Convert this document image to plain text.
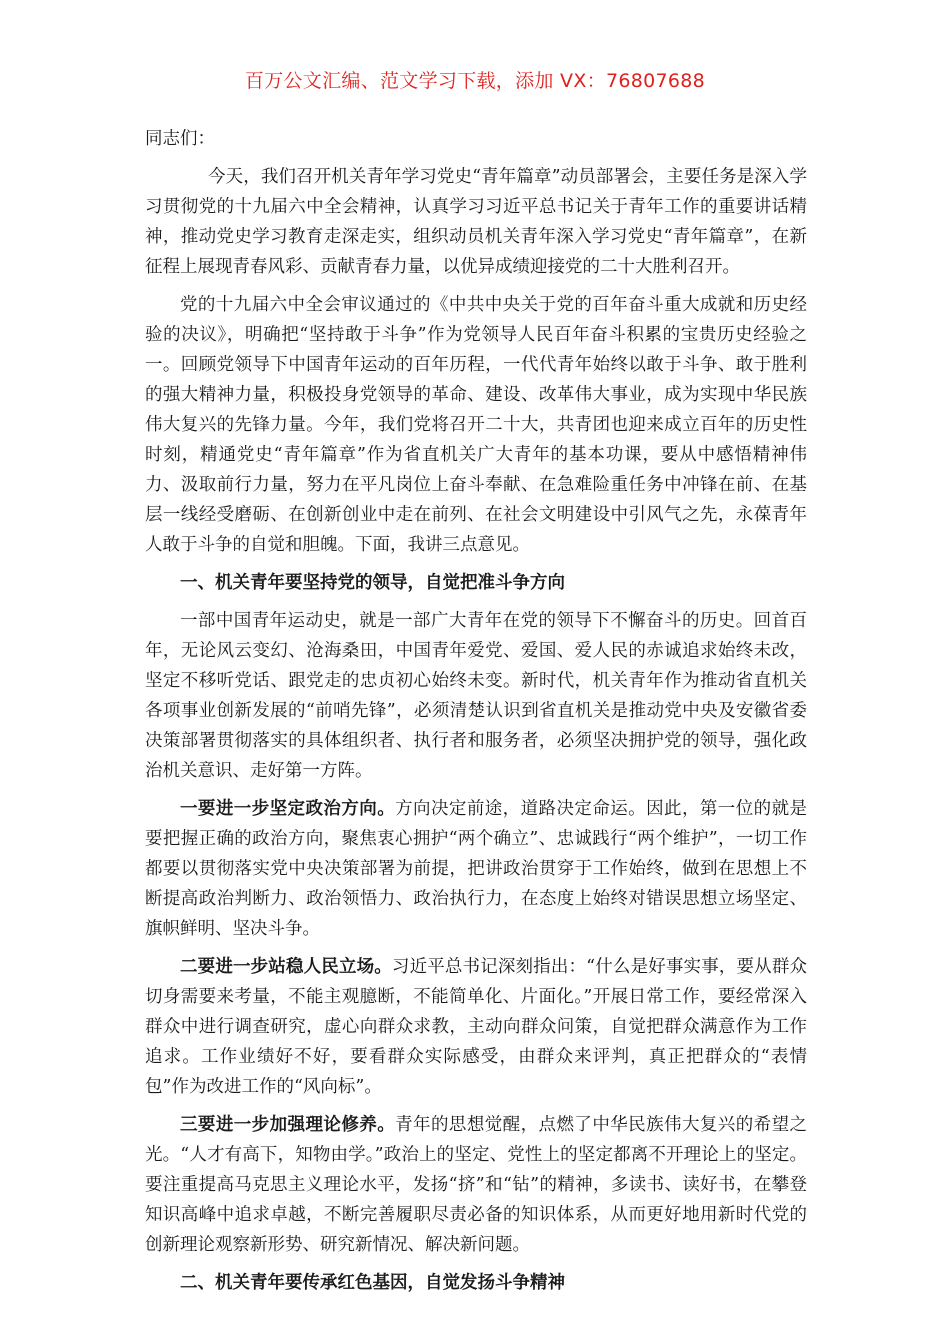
百万公文汇编、范文学习下载，添加 VX：76807688

同志们：

今天，我们召开机关青年学习党史“青年篇章”动员部署会，主要任务是深入学习贯彻党的十九届六中全会精神，认真学习习近平总书记关于青年工作的重要讲话精神，推动党史学习教育走深走实，组织动员机关青年深入学习党史“青年篇章”，在新征程上展现青春风彩、贡献青春力量，以优异成绩迎接党的二十大胜利召开。

党的十九届六中全会审议通过的《中共中央关于党的百年奋斗重大成就和历史经验的决议》，明确把“坚持敢于斗争”作为党领导人民百年奋斗积累的宝贵历史经验之一。回顾党领导下中国青年运动的百年历程，一代代青年始终以敢于斗争、敢于胜利的强大精神力量，积极投身党领导的革命、建设、改革伟大事业，成为实现中华民族伟大复兴的先锋力量。今年，我们党将召开二十大，共青团也迎来成立百年的历史性时刻，精通党史“青年篇章”作为省直机关广大青年的基本功课，要从中感悟精神伟力、汲取前行力量，努力在平凡岗位上奋斗奉献、在急难险重任务中冲锋在前、在基层一线经受磨砺、在创新创业中走在前列、在社会文明建设中引风气之先，永葆青年人敢于斗争的自觉和胆魄。下面，我讲三点意见。

一、机关青年要坚持党的领导，自觉把准斗争方向

一部中国青年运动史，就是一部广大青年在党的领导下不懈奋斗的历史。回首百年，无论风云变幻、沧海桑田，中国青年爱党、爱国、爱人民的赤诚追求始终未改，坚定不移听党话、跟党走的忠贞初心始终未变。新时代，机关青年作为推动省直机关各项事业创新发展的“前哨先锋”，必须清楚认识到省直机关是推动党中央及安徽省委决策部署贯彻落实的具体组织者、执行者和服务者，必须坚决拥护党的领导，强化政治机关意识、走好第一方阵。

一要进一步坚定政治方向。方向决定前途，道路决定命运。因此，第一位的就是要把握正确的政治方向，聚焦衷心拥护“两个确立”、忠诚践行“两个维护”，一切工作都要以贯彻落实党中央决策部署为前提，把讲政治贯穿于工作始终，做到在思想上不断提高政治判断力、政治领悟力、政治执行力，在态度上始终对错误思想立场坚定、旗帜鲜明、坚决斗争。

二要进一步站稳人民立场。习近平总书记深刻指出：“什么是好事实事，要从群众切身需要来考量，不能主观臆断，不能简单化、片面化。”开展日常工作，要经常深入群众中进行调查研究，虚心向群众求教，主动向群众问策，自觉把群众满意作为工作追求。工作业绩好不好，要看群众实际感受，由群众来评判，真正把群众的“表情包”作为改进工作的“风向标”。

三要进一步加强理论修养。青年的思想觉醒，点燃了中华民族伟大复兴的希望之光。“人才有高下，知物由学。”政治上的坚定、党性上的坚定都离不开理论上的坚定。要注重提高马克思主义理论水平，发扬“挤”和“钻”的精神，多读书、读好书，在攀登知识高峰中追求卓越，不断完善履职尽责必备的知识体系，从而更好地用新时代党的创新理论观察新形势、研究新情况、解决新问题。

二、机关青年要传承红色基因，自觉发扬斗争精神
